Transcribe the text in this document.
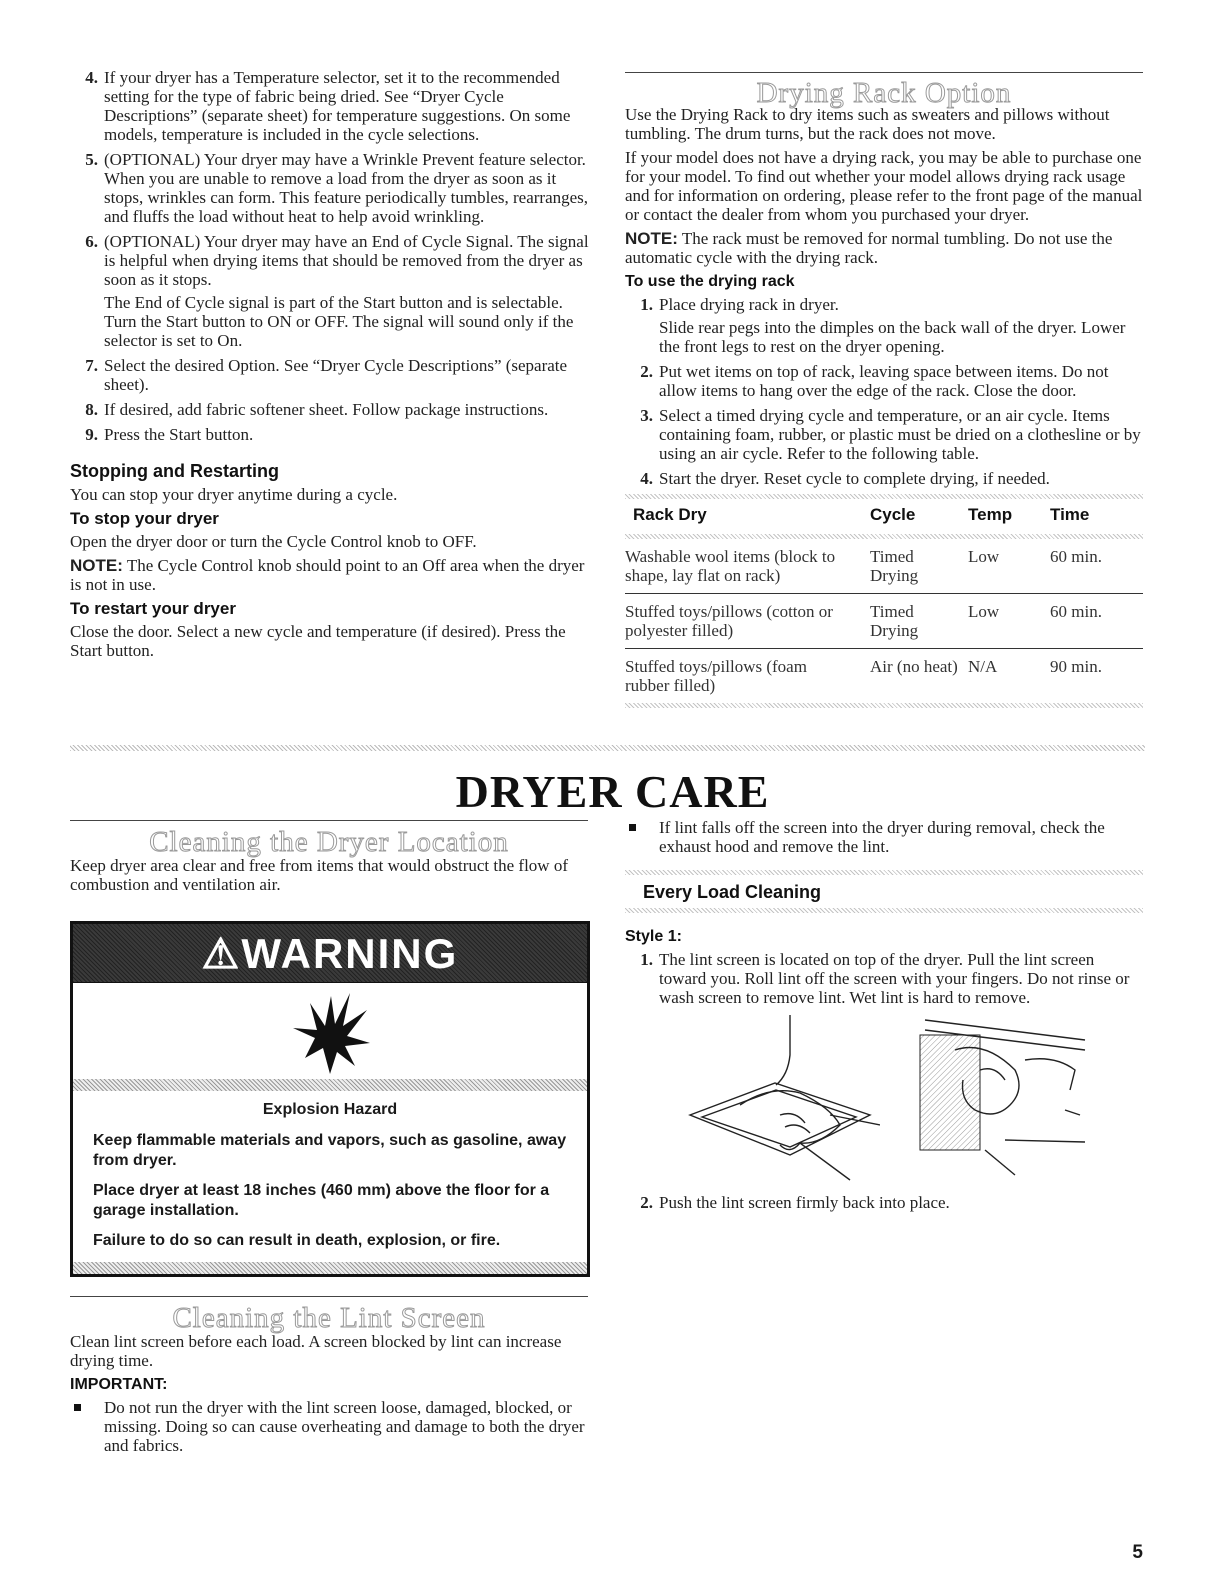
4. If your dryer has a Temperature selector, set it to the recommended setting for the type of fabric being dried. See “Dryer Cycle Descriptions” (separate sheet) for temperature suggestions. On some models, temperature is included in the cycle selections.
5. (OPTIONAL) Your dryer may have a Wrinkle Prevent feature selector. When you are unable to remove a load from the dryer as soon as it stops, wrinkles can form. This feature periodically tumbles, rearranges, and fluffs the load without heat to help avoid wrinkling.
6. (OPTIONAL) Your dryer may have an End of Cycle Signal. The signal is helpful when drying items that should be removed from the dryer as soon as it stops.

The End of Cycle signal is part of the Start button and is selectable. Turn the Start button to ON or OFF. The signal will sound only if the selector is set to On.

7. Select the desired Option. See “Dryer Cycle Descriptions” (separate sheet).
8. If desired, add fabric softener sheet. Follow package instructions.
9. Press the Start button.
Stopping and Restarting

You can stop your dryer anytime during a cycle.

To stop your dryer

Open the dryer door or turn the Cycle Control knob to OFF.

NOTE: The Cycle Control knob should point to an Off area when the dryer is not in use.

To restart your dryer

Close the door. Select a new cycle and temperature (if desired). Press the Start button.

Drying Rack Option

Use the Drying Rack to dry items such as sweaters and pillows without tumbling. The drum turns, but the rack does not move.

If your model does not have a drying rack, you may be able to purchase one for your model. To find out whether your model allows drying rack usage and for information on ordering, please refer to the front page of the manual or contact the dealer from whom you purchased your dryer.

NOTE: The rack must be removed for normal tumbling. Do not use the automatic cycle with the drying rack.

To use the drying rack
1. Place drying rack in dryer.

Slide rear pegs into the dimples on the back wall of the dryer. Lower the front legs to rest on the dryer opening.

2. Put wet items on top of rack, leaving space between items. Do not allow items to hang over the edge of the rack. Close the door.
3. Select a timed drying cycle and temperature, or an air cycle. Items containing foam, rubber, or plastic must be dried on a clothesline or by using an air cycle. Refer to the following table.
4. Start the dryer. Reset cycle to complete drying, if needed.
Rack Dry	Cycle	Temp	Time

Washable wool items (block to shape, lay flat on rack)	Timed Drying	Low	60 min.

Stuffed toys/pillows (cotton or polyester filled)	Timed Drying	Low	60 min.

Stuffed toys/pillows (foam rubber filled)	Air (no heat)	N/A	90 min.
DRYER CARE
Cleaning the Dryer Location

Keep dryer area clear and free from items that would obstruct the flow of combustion and ventilation air.

⚠WARNING
Explosion Hazard
Keep flammable materials and vapors, such as gasoline, away from dryer.
Place dryer at least 18 inches (460 mm) above the floor for a garage installation.
Failure to do so can result in death, explosion, or fire.
Cleaning the Lint Screen

Clean lint screen before each load. A screen blocked by lint can increase drying time.

IMPORTANT:
Do not run the dryer with the lint screen loose, damaged, blocked, or missing. Doing so can cause overheating and damage to both the dryer and fabrics.
If lint falls off the screen into the dryer during removal, check the exhaust hood and remove the lint.
Every Load Cleaning
Style 1:
1. The lint screen is located on top of the dryer. Pull the lint screen toward you. Roll lint off the screen with your fingers. Do not rinse or wash screen to remove lint. Wet lint is hard to remove.
2. Push the lint screen firmly back into place.
5
